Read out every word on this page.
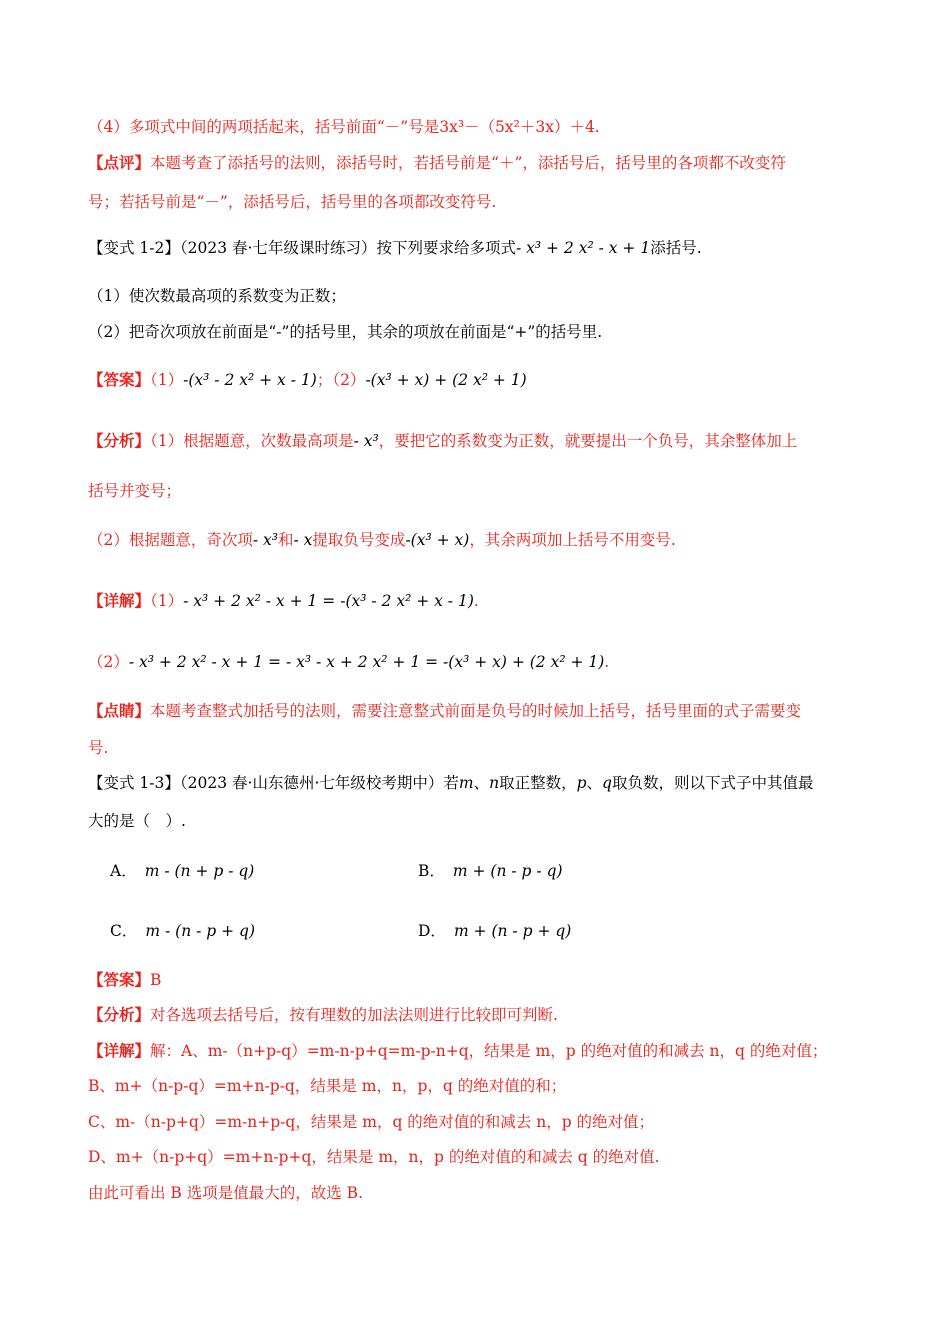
（4）多项式中间的两项括起来，括号前面“－”号是3x³－（5x²＋3x）＋4.
【点评】本题考查了添括号的法则，添括号时，若括号前是“＋”，添括号后，括号里的各项都不改变符
号；若括号前是“－”，添括号后，括号里的各项都改变符号.
【变式 1-2】（2023 春·七年级课时练习）按下列要求给多项式- x³ + 2 x² - x + 1添括号.
（1）使次数最高项的系数变为正数；
（2）把奇次项放在前面是“-”的括号里，其余的项放在前面是“+”的括号里.
【答案】（1）-(x³ - 2 x² + x - 1)；（2）-(x³ + x) + (2 x² + 1)
【分析】（1）根据题意，次数最高项是- x³，要把它的系数变为正数，就要提出一个负号，其余整体加上
括号并变号；
（2）根据题意，奇次项- x³和- x提取负号变成-(x³ + x)，其余两项加上括号不用变号.
【详解】（1）- x³ + 2 x² - x + 1 = -(x³ - 2 x² + x - 1).
（2）- x³ + 2 x² - x + 1 = - x³ - x + 2 x² + 1 = -(x³ + x) + (2 x² + 1).
【点睛】本题考查整式加括号的法则，需要注意整式前面是负号的时候加上括号，括号里面的式子需要变
号.
【变式 1-3】（2023 春·山东德州·七年级校考期中）若m、n取正整数，p、q取负数，则以下式子中其值最
大的是（　）.
A． m - (n + p - q)	B． m + (n - p - q)
C． m - (n - p + q)	D． m + (n - p + q)
【答案】B
【分析】对各选项去括号后，按有理数的加法法则进行比较即可判断.
【详解】解：A、m-（n+p-q）=m-n-p+q=m-p-n+q，结果是 m，p 的绝对值的和减去 n，q 的绝对值；
B、m+（n-p-q）=m+n-p-q，结果是 m，n，p，q 的绝对值的和；
C、m-（n-p+q）=m-n+p-q，结果是 m，q 的绝对值的和减去 n，p 的绝对值；
D、m+（n-p+q）=m+n-p+q，结果是 m，n，p 的绝对值的和减去 q 的绝对值.
由此可看出 B 选项是值最大的，故选 B.
